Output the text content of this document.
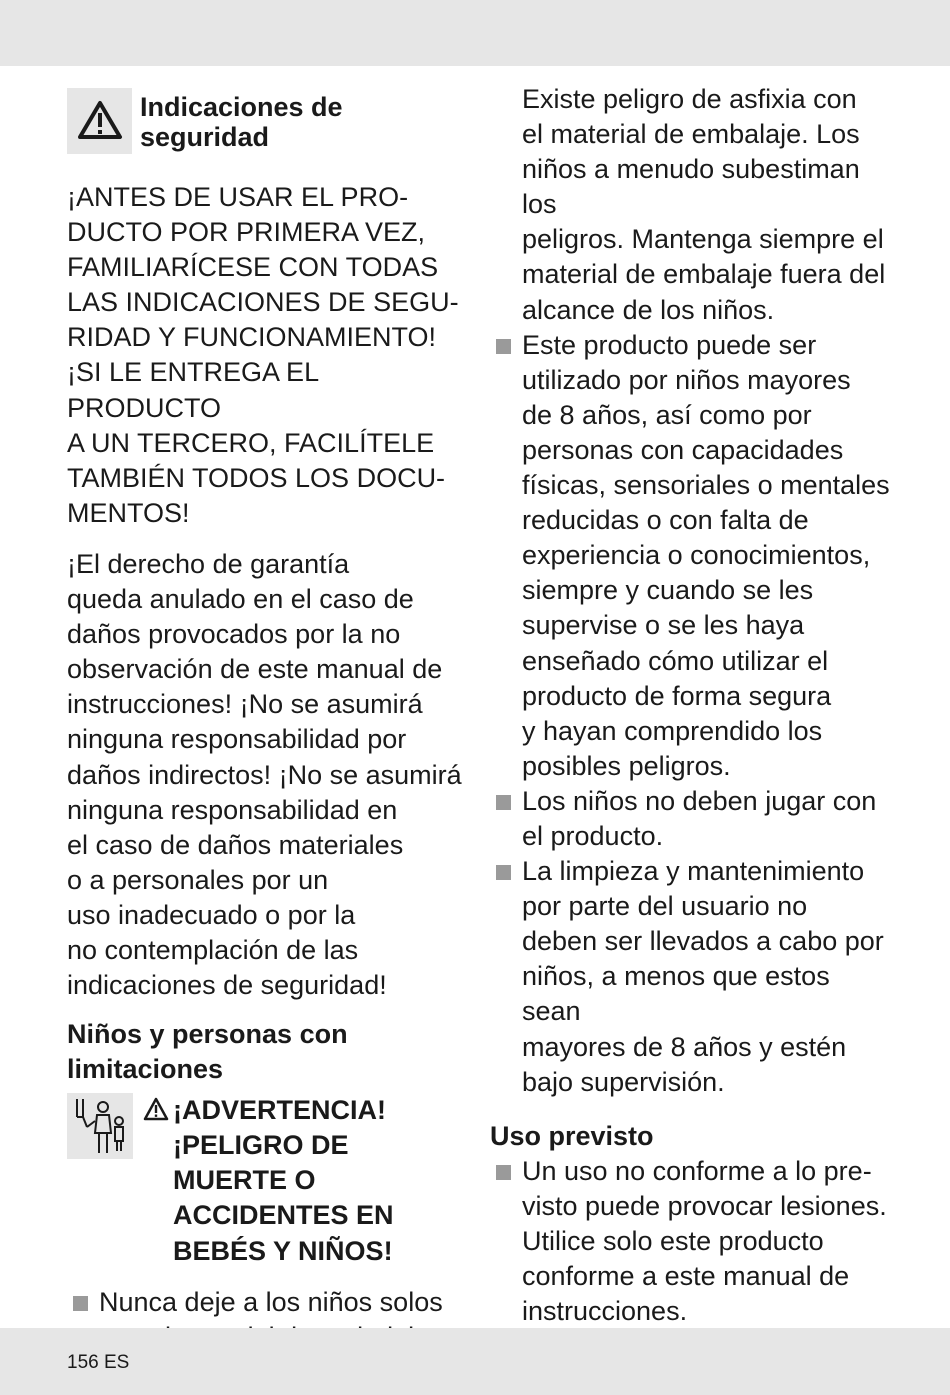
Indicaciones de seguridad

¡ANTES DE USAR EL PRO-
DUCTO POR PRIMERA VEZ,
FAMILIARÍCESE CON TODAS
LAS INDICACIONES DE SEGU-
RIDAD Y FUNCIONAMIENTO!
¡SI LE ENTREGA EL PRODUCTO
A UN TERCERO, FACILÍTELE
TAMBIÉN TODOS LOS DOCU-
MENTOS!

¡El derecho de garantía
queda anulado en el caso de
daños provocados por la no
observación de este manual de
instrucciones! ¡No se asumirá
ninguna responsabilidad por
daños indirectos! ¡No se asumirá
ninguna responsabilidad en
el caso de daños materiales
o a personales por un
uso inadecuado o por la
no contemplación de las
indicaciones de seguridad!

Niños y personas con
limitaciones
¡ADVERTENCIA!
¡PELIGRO DE
MUERTE O
ACCIDENTES EN
BEBÉS Y NIÑOS!

Nunca deje a los niños solos

Existe peligro de asfixia con
el material de embalaje. Los
niños a menudo subestiman los
peligros. Mantenga siempre el
material de embalaje fuera del
alcance de los niños.

Este producto puede ser
utilizado por niños mayores
de 8 años, así como por
personas con capacidades
físicas, sensoriales o mentales
reducidas o con falta de
experiencia o conocimientos,
siempre y cuando se les
supervise o se les haya
enseñado cómo utilizar el
producto de forma segura
y hayan comprendido los
posibles peligros.

Los niños no deben jugar con
el producto.

La limpieza y mantenimiento
por parte del usuario no
deben ser llevados a cabo por
niños, a menos que estos sean
mayores de 8 años y estén
bajo supervisión.

Uso previsto

Un uso no conforme a lo pre-
visto puede provocar lesiones.
Utilice solo este producto
conforme a este manual de
instrucciones.

156 ES
